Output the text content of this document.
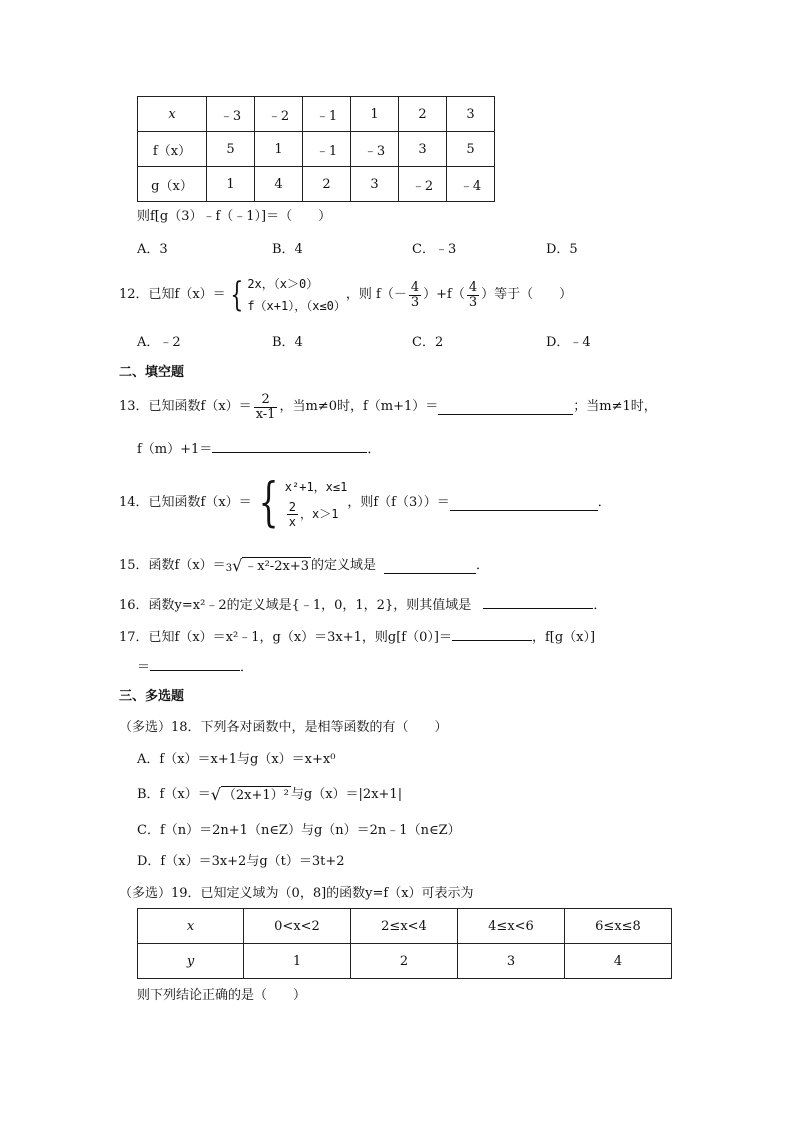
x	﹣3	﹣2	﹣1	1	2	3
f（x）	5	1	﹣1	﹣3	3	5
g（x）	1	4	2	3	﹣2	﹣4
则f[g（3）﹣f（﹣1）]＝（　　）
A．3	B．4	C．﹣3	D．5
12．已知f（x）＝ { 2x，（x＞0）
f（x+1），（x≤0）
，则 $f( - \frac{4}{3} )+f( \frac{4}{3}$ ）等于（　　）
A．﹣2	B．4	C．2	D．﹣4
二、填空题
13．已知函数$f(x)= \frac{2}{x-1}$ ，当m≠0时，f（m+1）＝	；当m≠1时，
f（m）+1＝	．
14．已知函数f（x）＝ { x²+1，x≤1
$\frac{2}{x}$ ，x＞1
，则f（f（3））＝	．
15．函数f（x）＝ 3 √ ﹣x²-2x+3 的定义域是	．
16．函数y=x²﹣2的定义域是{﹣1，0，1，2}，则其值域是	．
17．已知f（x）＝x²﹣1，g（x）＝3x+1，则g[f（0）]＝	，f[g（x）]
＝	．
三、多选题
（多选）18．下列各对函数中，是相等函数的有（　　）
A．f（x）＝x+1与g（x）＝x+x⁰
B．f（x）＝ √ （2x+1）² 与g（x）＝|2x+1|
C．f（n）＝2n+1（n∈Z）与g（n）＝2n﹣1（n∈Z）
D．f（x）＝3x+2与g（t）＝3t+2
（多选）19．已知定义域为（0，8]的函数y=f（x）可表示为
x	0<x<2	2≤x<4	4≤x<6	6≤x≤8
y	1	2	3	4
则下列结论正确的是（　　）
